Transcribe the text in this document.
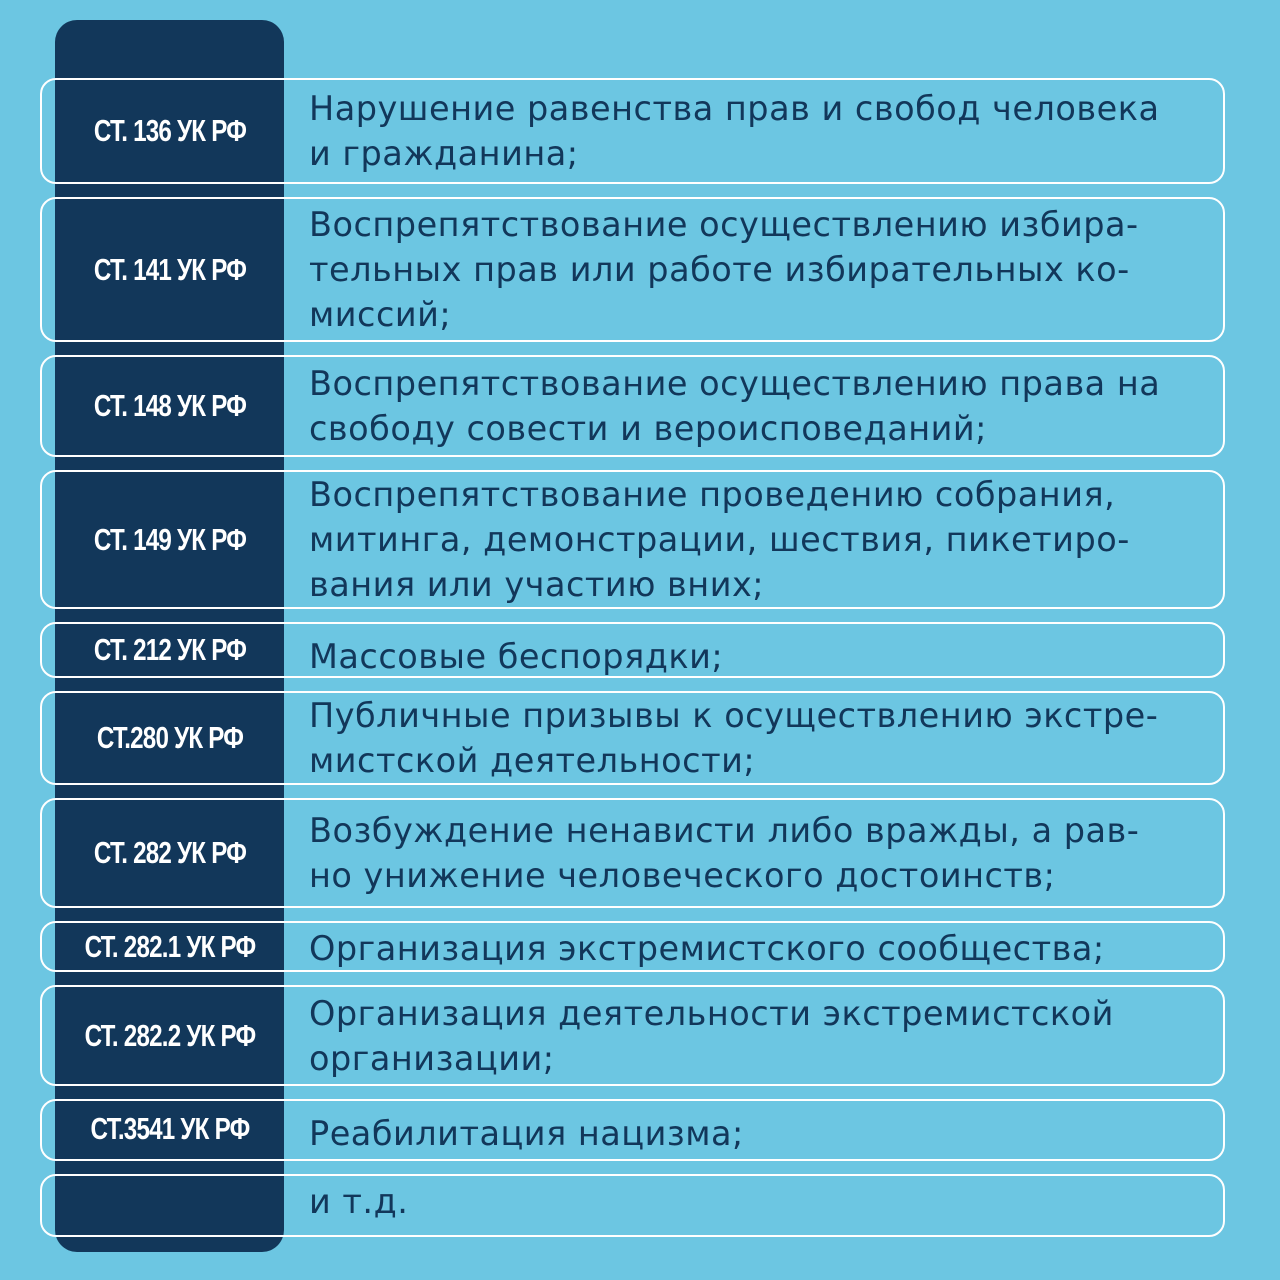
СТ. 136 УК РФ
Нарушение равенства прав и свобод человека
и гражданина;
СТ. 141 УК РФ
Воспрепятствование осуществлению избира-
тельных прав или работе избирательных ко-
миссий;
СТ. 148 УК РФ
Воспрепятствование осуществлению права на
свободу совести и вероисповеданий;
СТ. 149 УК РФ
Воспрепятствование проведению собрания,
митинга, демонстрации, шествия, пикетиро-
вания или участию вних;
СТ. 212 УК РФ	Массовые беспорядки;
СТ.280 УК РФ
Публичные призывы к осуществлению экстре-
мистской деятельности;
СТ. 282 УК РФ
Возбуждение ненависти либо вражды, а рав-
но унижение человеческого достоинств;
СТ. 282.1 УК РФ Организация экстремистского сообщества;
СТ. 282.2 УК РФ
Организация деятельности экстремистской
организации;
СТ.3541 УК РФ Реабилитация нацизма;
и т.д.
